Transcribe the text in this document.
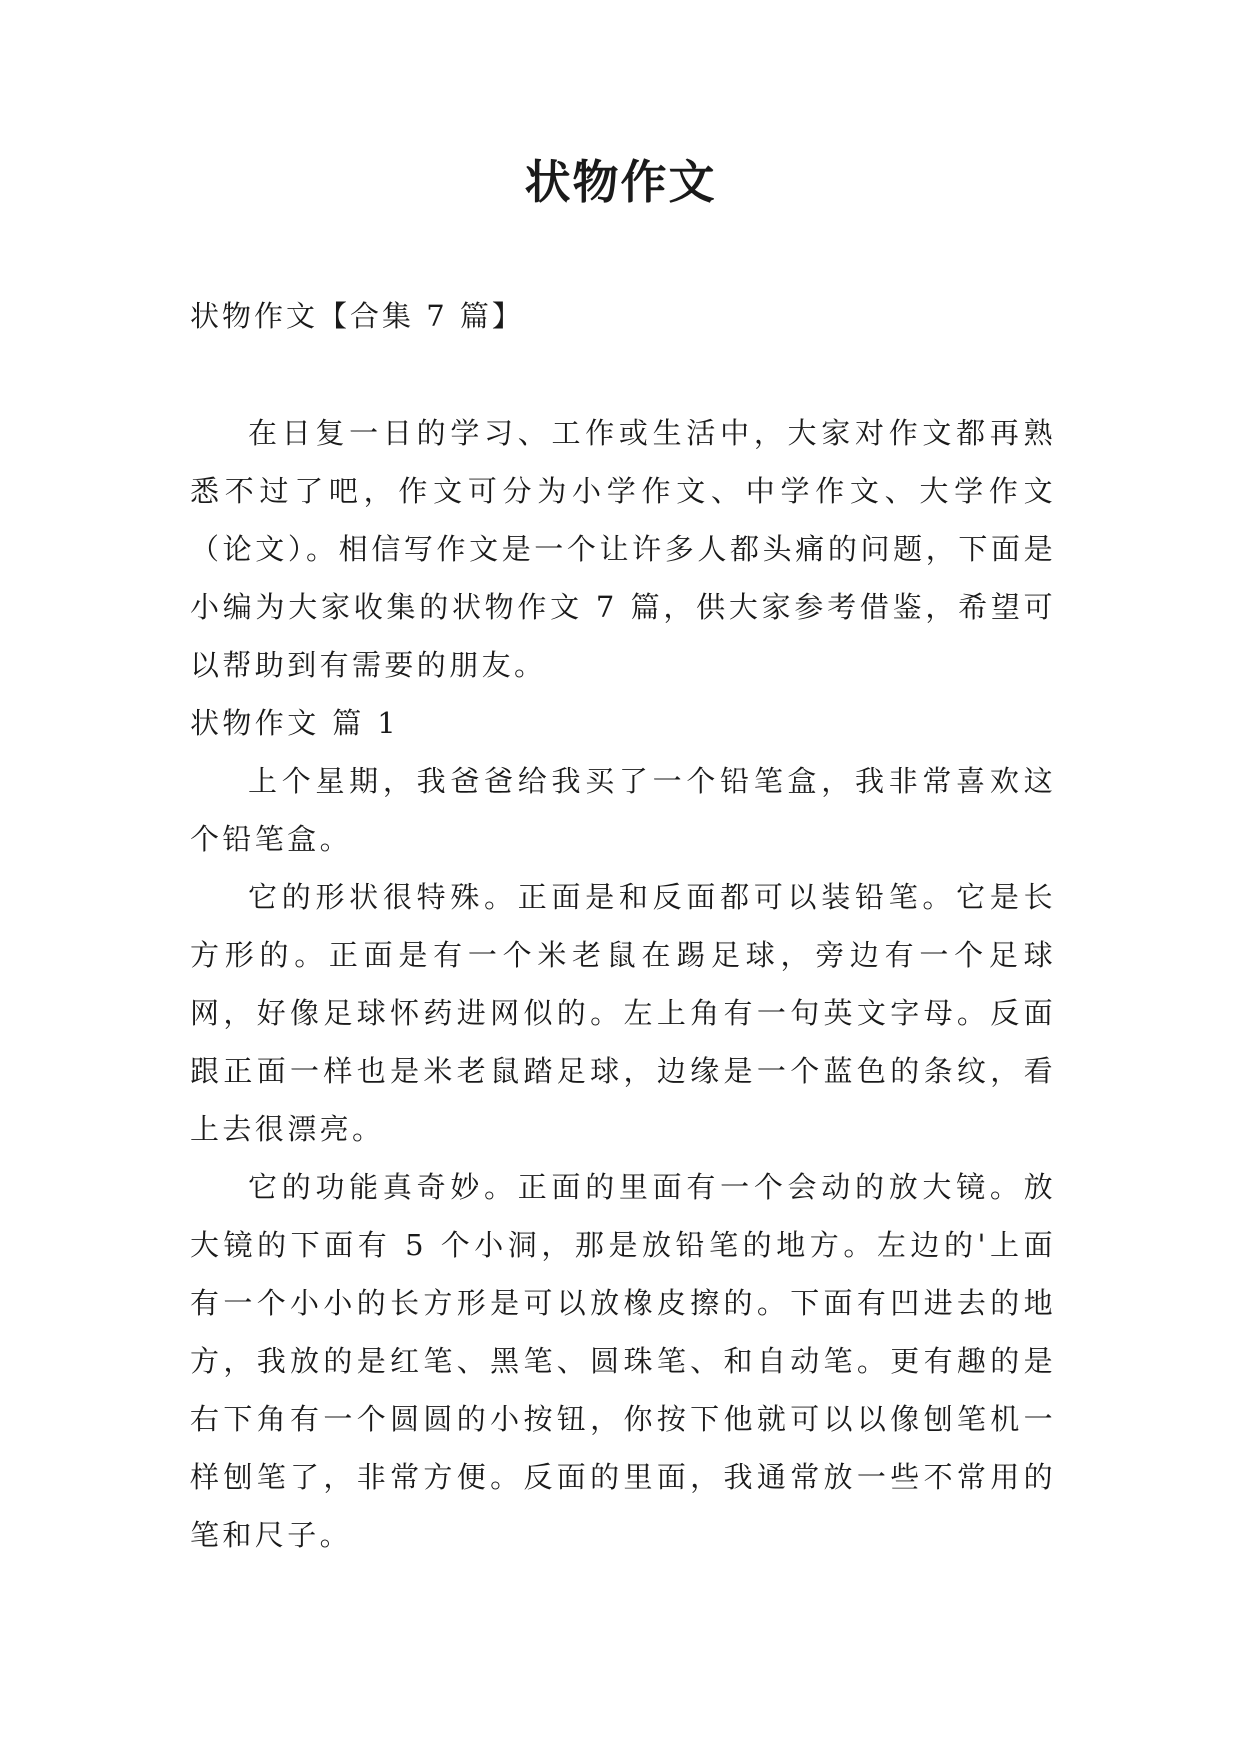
状物作文

状物作文【合集 7 篇】

在日复一日的学习、工作或生活中，大家对作文都再熟悉不过了吧，作文可分为小学作文、中学作文、大学作文（论文）。相信写作文是一个让许多人都头痛的问题，下面是小编为大家收集的状物作文 7 篇，供大家参考借鉴，希望可以帮助到有需要的朋友。

状物作文 篇 1

上个星期，我爸爸给我买了一个铅笔盒，我非常喜欢这个铅笔盒。

它的形状很特殊。正面是和反面都可以装铅笔。它是长方形的。正面是有一个米老鼠在踢足球，旁边有一个足球网，好像足球怀药进网似的。左上角有一句英文字母。反面跟正面一样也是米老鼠踏足球，边缘是一个蓝色的条纹，看上去很漂亮。

它的功能真奇妙。正面的里面有一个会动的放大镜。放大镜的下面有 5 个小洞，那是放铅笔的地方。左边的'上面有一个小小的长方形是可以放橡皮擦的。下面有凹进去的地方，我放的是红笔、黑笔、圆珠笔、和自动笔。更有趣的是右下角有一个圆圆的小按钮，你按下他就可以以像刨笔机一样刨笔了，非常方便。反面的里面，我通常放一些不常用的笔和尺子。
